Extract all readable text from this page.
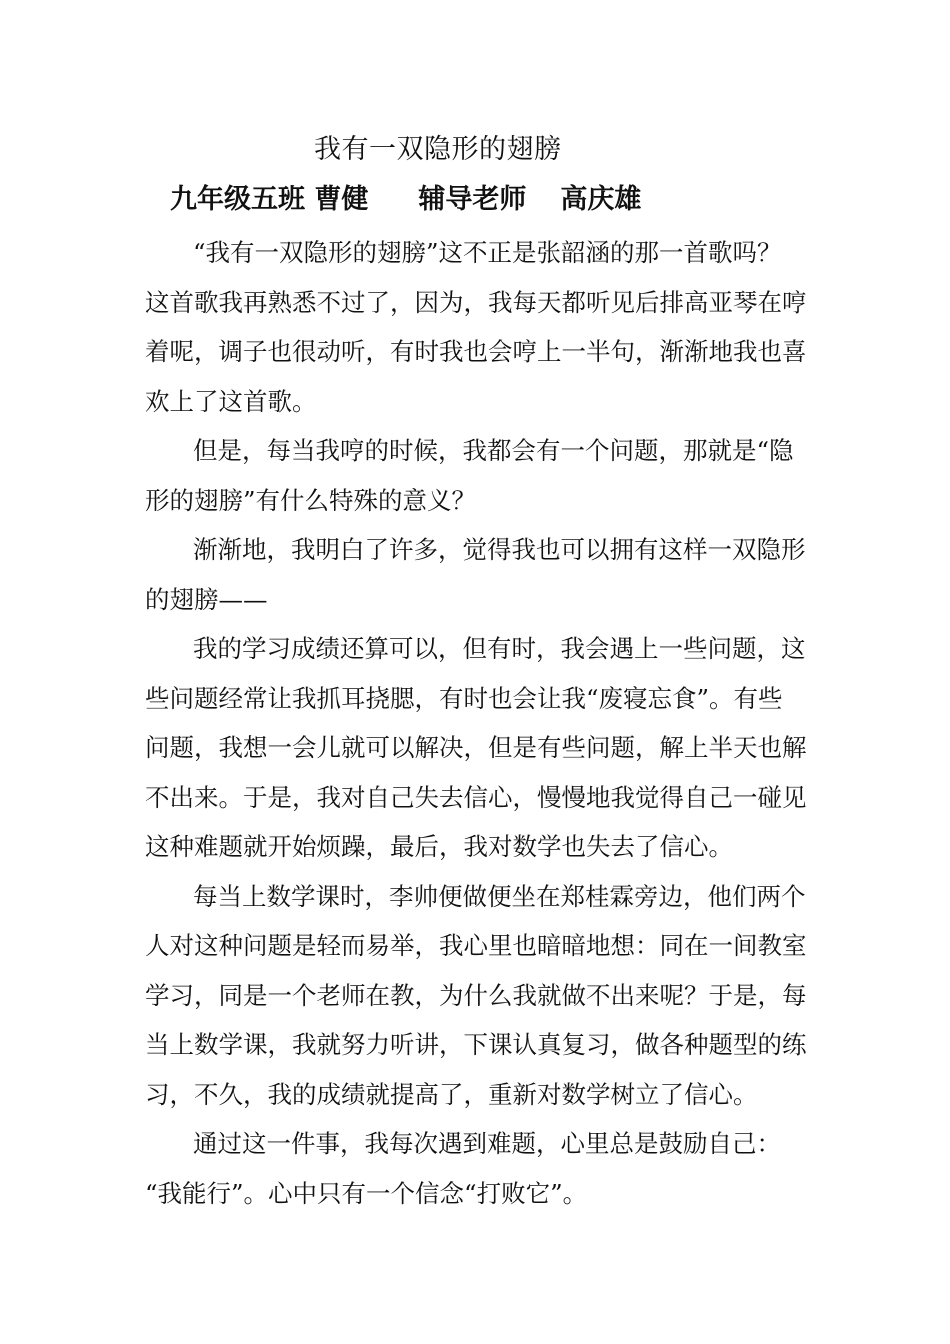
我有一双隐形的翅膀
九年级五班 曹健 辅导老师 高庆雄
“我有一双隐形的翅膀”这不正是张韶涵的那一首歌吗？
这首歌我再熟悉不过了，因为，我每天都听见后排高亚琴在哼
着呢，调子也很动听，有时我也会哼上一半句，渐渐地我也喜
欢上了这首歌。
但是，每当我哼的时候，我都会有一个问题，那就是“隐
形的翅膀”有什么特殊的意义？
渐渐地，我明白了许多，觉得我也可以拥有这样一双隐形
的翅膀——
我的学习成绩还算可以，但有时，我会遇上一些问题，这
些问题经常让我抓耳挠腮，有时也会让我“废寝忘食”。有些
问题，我想一会儿就可以解决，但是有些问题，解上半天也解
不出来。于是，我对自己失去信心，慢慢地我觉得自己一碰见
这种难题就开始烦躁，最后，我对数学也失去了信心。
每当上数学课时，李帅便做便坐在郑桂霖旁边，他们两个
人对这种问题是轻而易举，我心里也暗暗地想：同在一间教室
学习，同是一个老师在教，为什么我就做不出来呢？于是，每
当上数学课，我就努力听讲，下课认真复习，做各种题型的练
习，不久，我的成绩就提高了，重新对数学树立了信心。
通过这一件事，我每次遇到难题，心里总是鼓励自己：
“我能行”。心中只有一个信念“打败它”。
